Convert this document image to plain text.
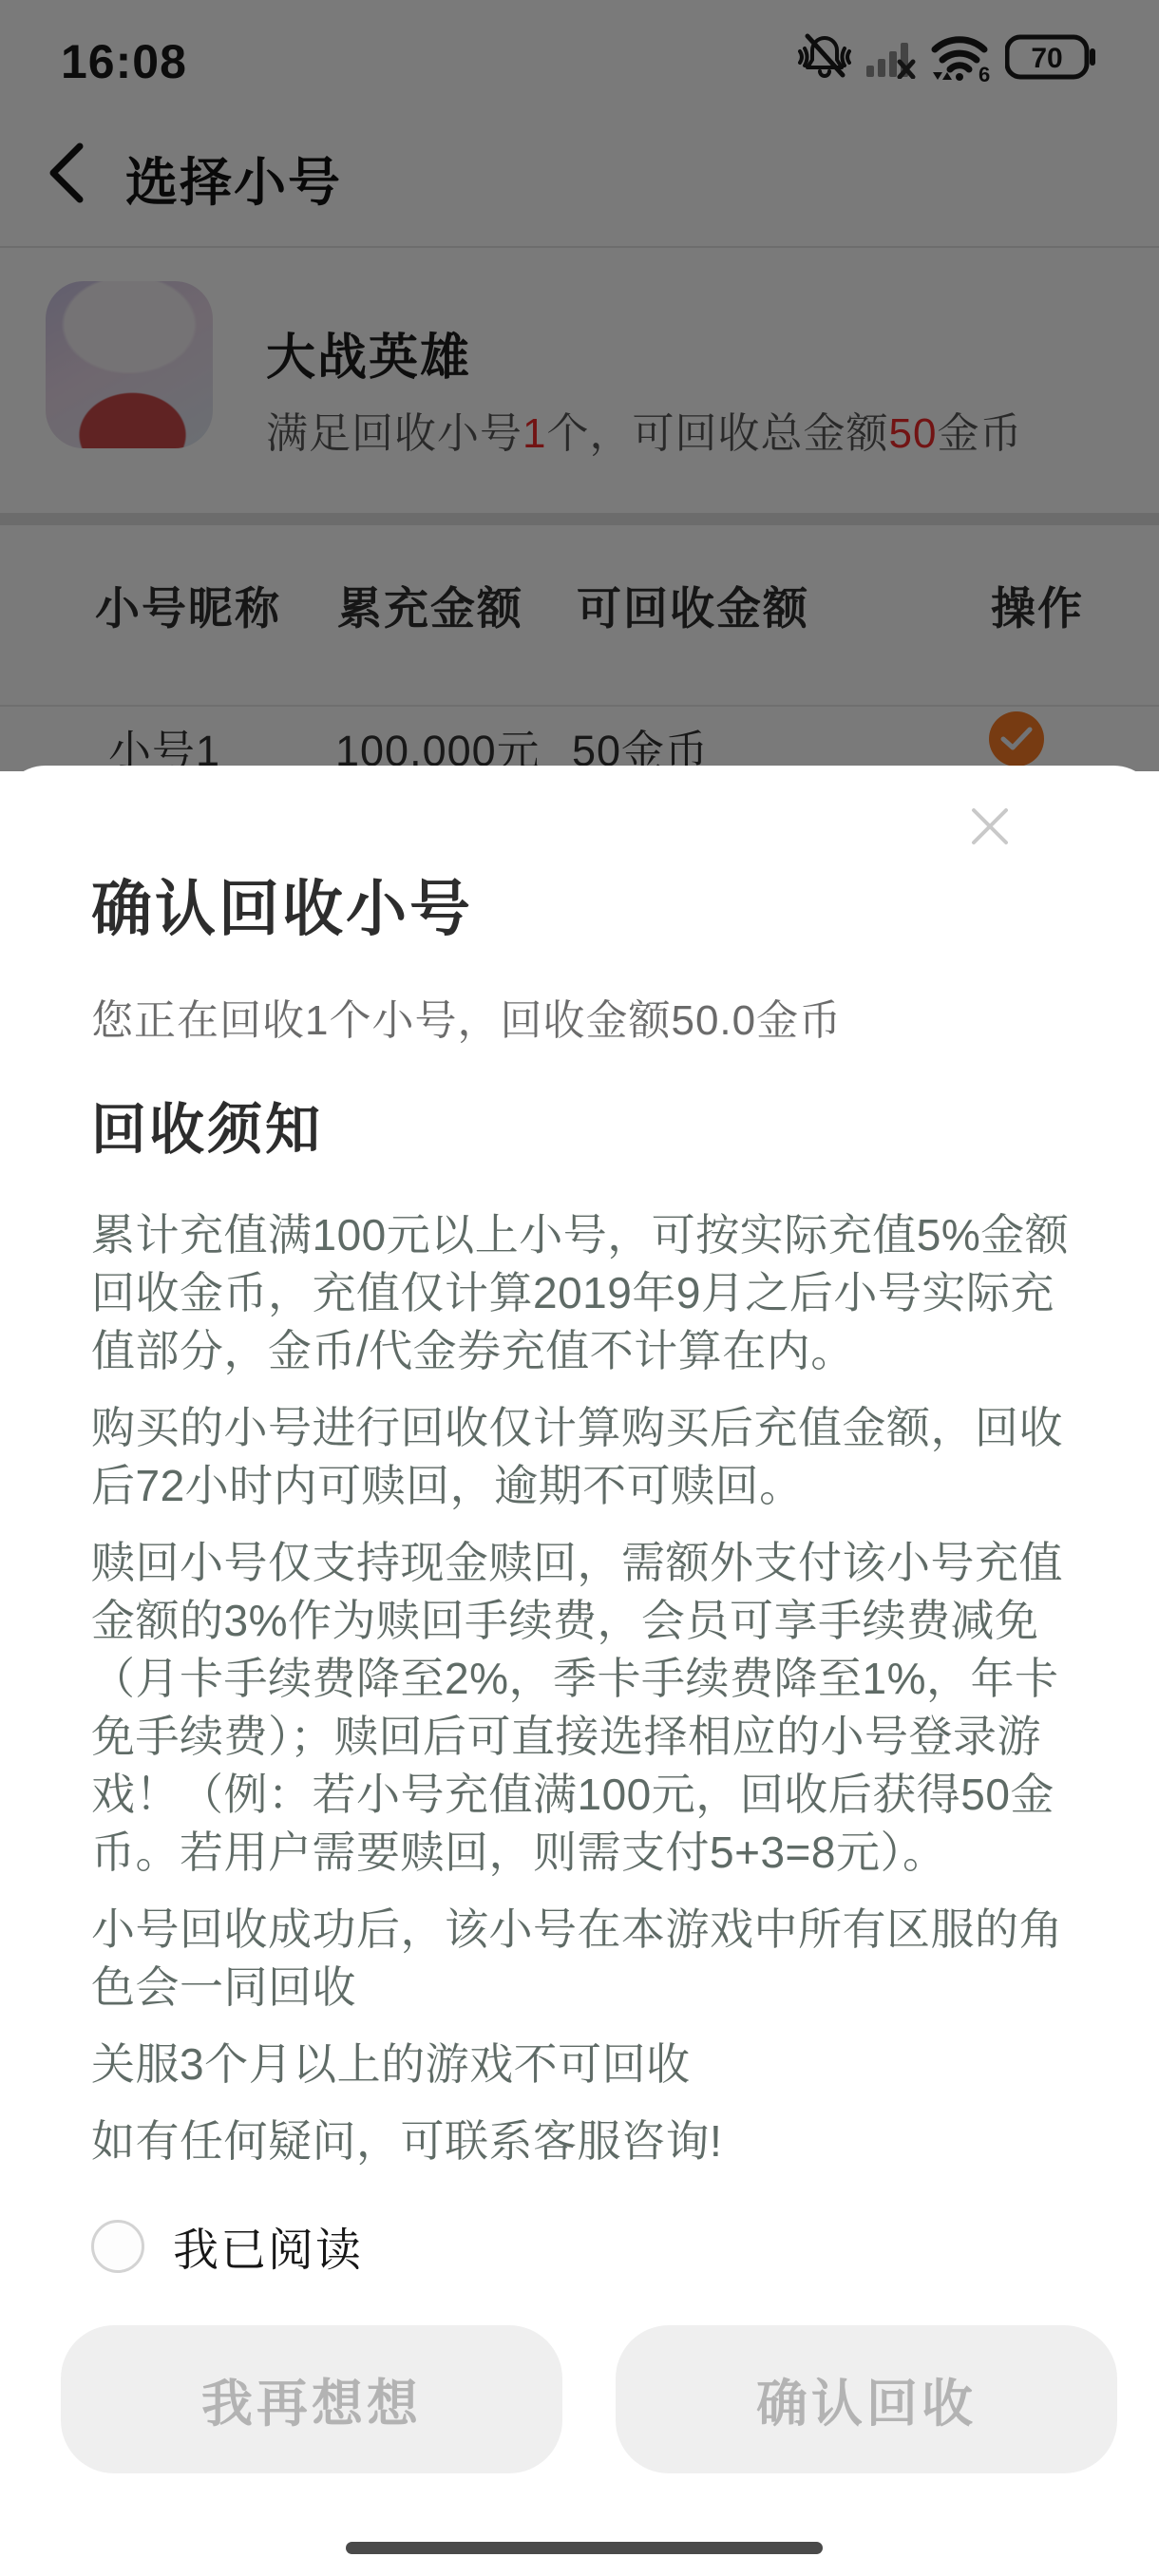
确认回收小号
您正在回收1个小号，回收金额50.0金币
回收须知

累计充值满100元以上小号，可按实际充值5%金额回收金币，充值仅计算2019年9月之后小号实际充值部分，金币/代金券充值不计算在内。

购买的小号进行回收仅计算购买后充值金额，回收后72小时内可赎回，逾期不可赎回。

赎回小号仅支持现金赎回，需额外支付该小号充值金额的3%作为赎回手续费，会员可享手续费减免（月卡手续费降至2%，季卡手续费降至1%，年卡免手续费）；赎回后可直接选择相应的小号登录游戏！（例：若小号充值满100元，回收后获得50金币。若用户需要赎回，则需支付5+3=8元）。

小号回收成功后，该小号在本游戏中所有区服的角色会一同回收

关服3个月以上的游戏不可回收

如有任何疑问，可联系客服咨询!

我已阅读
我再想想	确认回收
